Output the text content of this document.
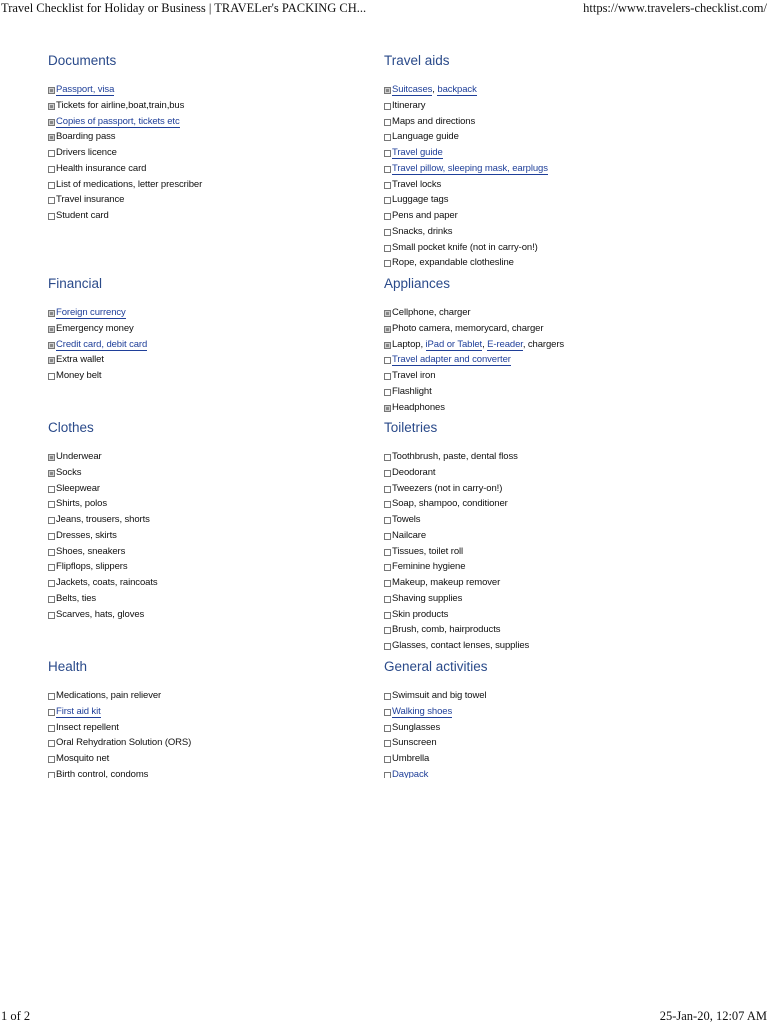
Travel Checklist for Holiday or Business | TRAVELer's PACKING CH...	https://www.travelers-checklist.com/
Documents
Passport, visa
Tickets for airline,boat,train,bus
Copies of passport, tickets etc
Boarding pass
Drivers licence
Health insurance card
List of medications, letter prescriber
Travel insurance
Student card
Travel aids
Suitcases, backpack
Itinerary
Maps and directions
Language guide
Travel guide
Travel pillow, sleeping mask, earplugs
Travel locks
Luggage tags
Pens and paper
Snacks, drinks
Small pocket knife (not in carry-on!)
Rope, expandable clothesline
Financial
Foreign currency
Emergency money
Credit card, debit card
Extra wallet
Money belt
Appliances
Cellphone, charger
Photo camera, memorycard, charger
Laptop, iPad or Tablet, E-reader, chargers
Travel adapter and converter
Travel iron
Flashlight
Headphones
Clothes
Underwear
Socks
Sleepwear
Shirts, polos
Jeans, trousers, shorts
Dresses, skirts
Shoes, sneakers
Flipflops, slippers
Jackets, coats, raincoats
Belts, ties
Scarves, hats, gloves
Toiletries
Toothbrush, paste, dental floss
Deodorant
Tweezers (not in carry-on!)
Soap, shampoo, conditioner
Towels
Nailcare
Tissues, toilet roll
Feminine hygiene
Makeup, makeup remover
Shaving supplies
Skin products
Brush, comb, hairproducts
Glasses, contact lenses, supplies
Health
Medications, pain reliever
First aid kit
Insect repellent
Oral Rehydration Solution (ORS)
Mosquito net
Birth control, condoms
General activities
Swimsuit and big towel
Walking shoes
Sunglasses
Sunscreen
Umbrella
Daypack
1 of 2	25-Jan-20, 12:07 AM
